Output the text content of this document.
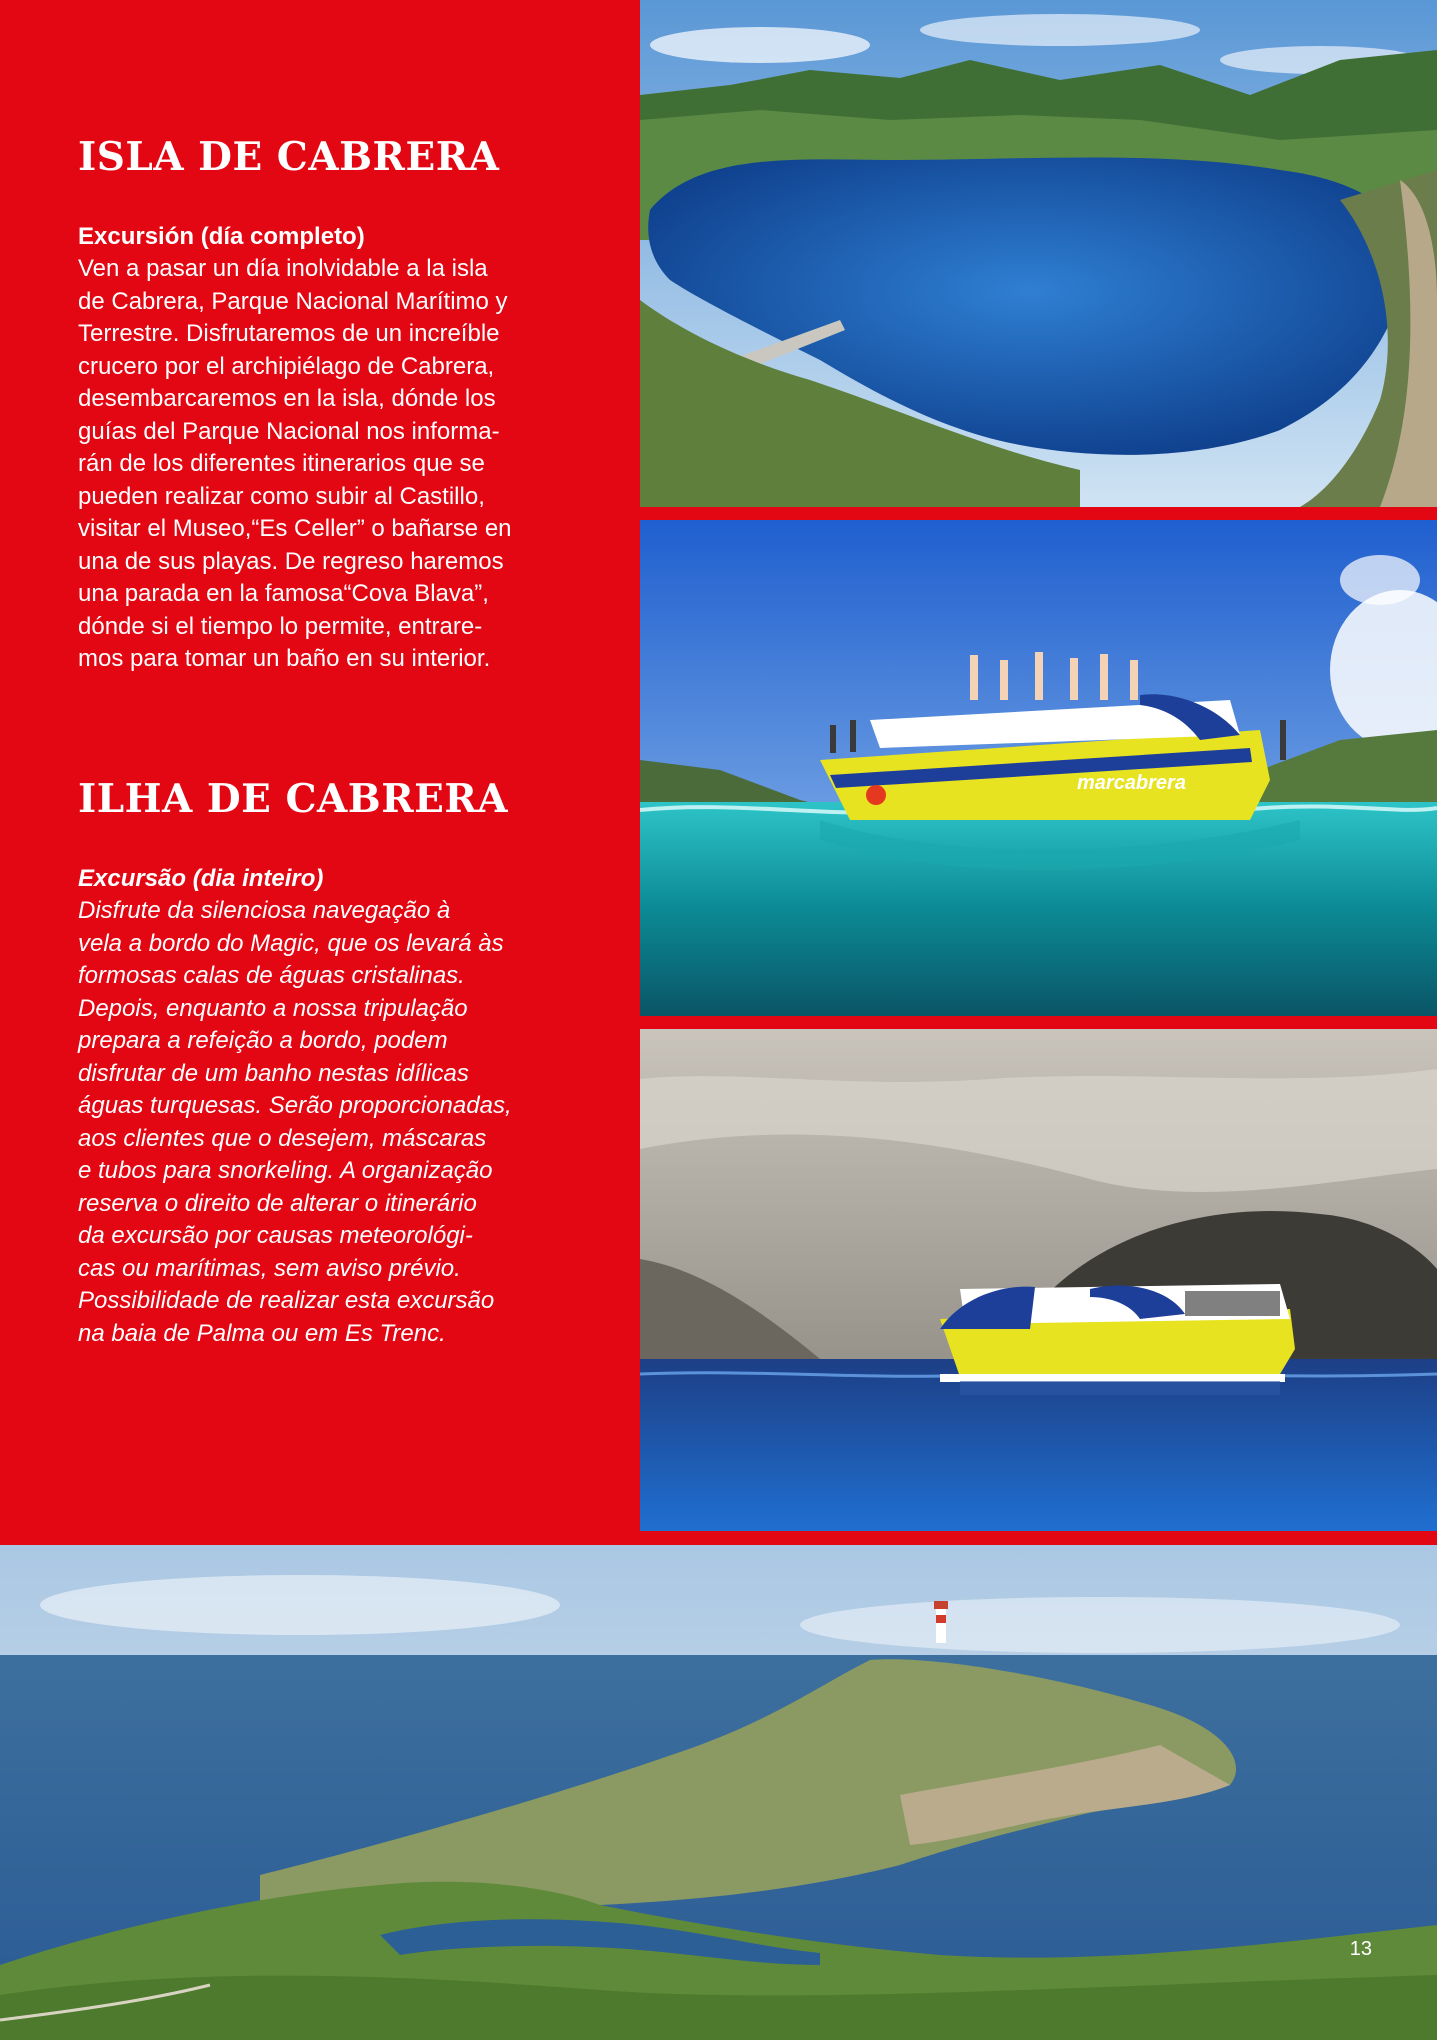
ISLA DE CABRERA

Excursión (día completo)

Ven a pasar un día inolvidable a la isla
de Cabrera, Parque Nacional Marítimo y
Terrestre. Disfrutaremos de un increíble
crucero por el archipiélago de Cabrera,
desembarcaremos en la isla, dónde los
guías del Parque Nacional nos informa-
rán de los diferentes itinerarios que se
pueden realizar como subir al Castillo,
visitar el Museo,“Es Celler” o bañarse en
una de sus playas. De regreso haremos
una parada en la famosa“Cova Blava”,
dónde si el tiempo lo permite, entrare-
mos para tomar un baño en su interior.
ILHA DE CABRERA

Excursão (dia inteiro)

Disfrute da silenciosa navegação à
vela a bordo do Magic, que os levará às
formosas calas de águas cristalinas.
Depois, enquanto a nossa tripulação
prepara a refeição a bordo, podem
disfrutar de um banho nestas idílicas
águas turquesas. Serão proporcionadas,
aos clientes que o desejem, máscaras
e tubos para snorkeling. A organização
reserva o direito de alterar o itinerário
da excursão por causas meteorológi-
cas ou marítimas, sem aviso prévio.
Possibilidade de realizar esta excursão
na baia de Palma ou em Es Trenc.
marcabrera
13
